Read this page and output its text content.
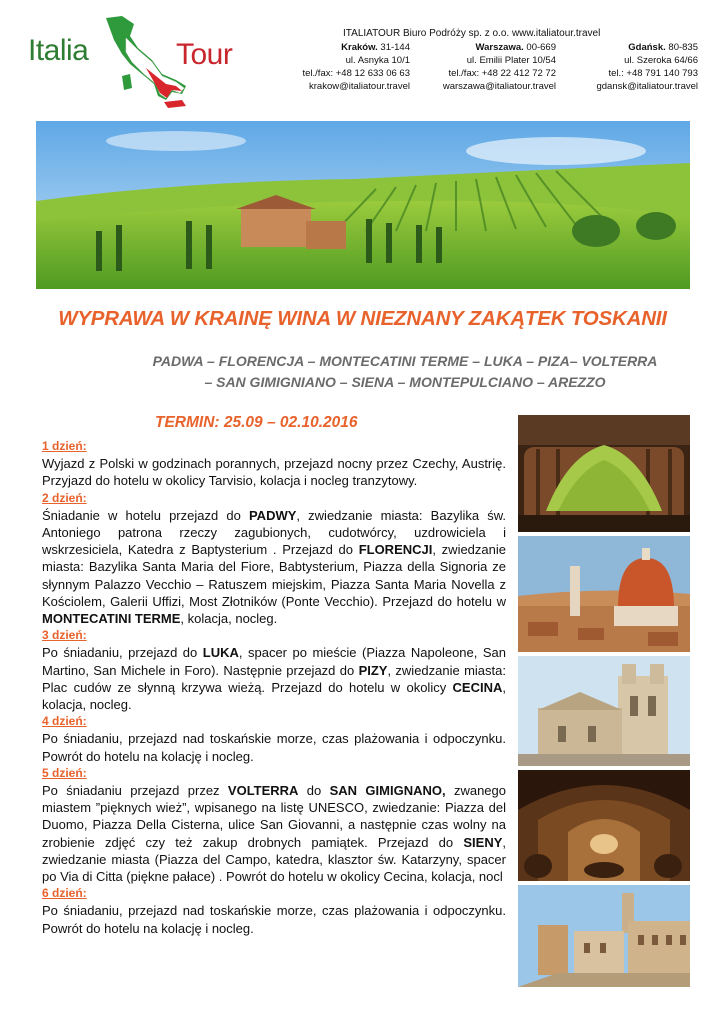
Italia	Tour
ITALIATOUR Biuro Podróży sp. z o.o. www.italiatour.travel
Kraków. 31-144
ul. Asnyka 10/1
tel./fax: +48 12 633 06 63
krakow@italiatour.travel
Warszawa. 00-669
ul. Emilii Plater 10/54
tel./fax: +48 22 412 72 72
warszawa@italiatour.travel
Gdańsk. 80-835
ul. Szeroka 64/66
tel.: +48 791 140 793
gdansk@italiatour.travel
WYPRAWA W KRAINĘ WINA W NIEZNANY ZAKĄTEK TOSKANII
PADWA – FLORENCJA – MONTECATINI TERME – LUKA – PIZA– VOLTERRA – SAN GIMIGNIANO – SIENA – MONTEPULCIANO – AREZZO
TERMIN: 25.09 – 02.10.2016
1 dzień:
Wyjazd z Polski w godzinach porannych, przejazd nocny przez Czechy, Austrię. Przyjazd do hotelu w okolicy Tarvisio, kolacja i nocleg tranzytowy.
2 dzień:
Śniadanie w hotelu przejazd do PADWY, zwiedzanie miasta: Bazylika św. Antoniego patrona rzeczy zagubionych, cudotwórcy, uzdrowiciela i wskrzesiciela, Katedra z Baptysterium . Przejazd do FLORENCJI, zwiedzanie miasta: Bazylika Santa Maria del Fiore, Babtysterium, Piazza della Signoria ze słynnym Palazzo Vecchio – Ratuszem miejskim, Piazza Santa Maria Novella z Kościolem, Galerii Uffizi, Most Złotników (Ponte Vecchio). Przejazd do hotelu w MONTECATINI TERME, kolacja, nocleg.
3 dzień:
Po śniadaniu, przejazd do LUKA, spacer po mieście (Piazza Napoleone, San Martino, San Michele in Foro). Następnie przejazd do PIZY, zwiedzanie miasta: Plac cudów ze słynną krzywa wieżą. Przejazd do hotelu w okolicy CECINA, kolacja, nocleg.
4 dzień:
Po śniadaniu, przejazd nad toskańskie morze, czas plażowania i odpoczynku. Powrót do hotelu na kolację i nocleg.
5 dzień:
Po śniadaniu przejazd przez VOLTERRA do SAN GIMIGNANO, zwanego miastem ”pięknych wież”, wpisanego na listę UNESCO, zwiedzanie: Piazza del Duomo, Piazza Della Cisterna, ulice San Giovanni, a następnie czas wolny na zrobienie zdjęć czy też zakup drobnych pamiątek. Przejazd do SIENY, zwiedzanie miasta (Piazza del Campo, katedra, klasztor św. Katarzyny, spacer po Via di Citta (piękne pałace) . Powrót do hotelu w okolicy Cecina, kolacja, nocl
6 dzień:
Po śniadaniu, przejazd nad toskańskie morze, czas plażowania i odpoczynku. Powrót do hotelu na kolację i nocleg.
